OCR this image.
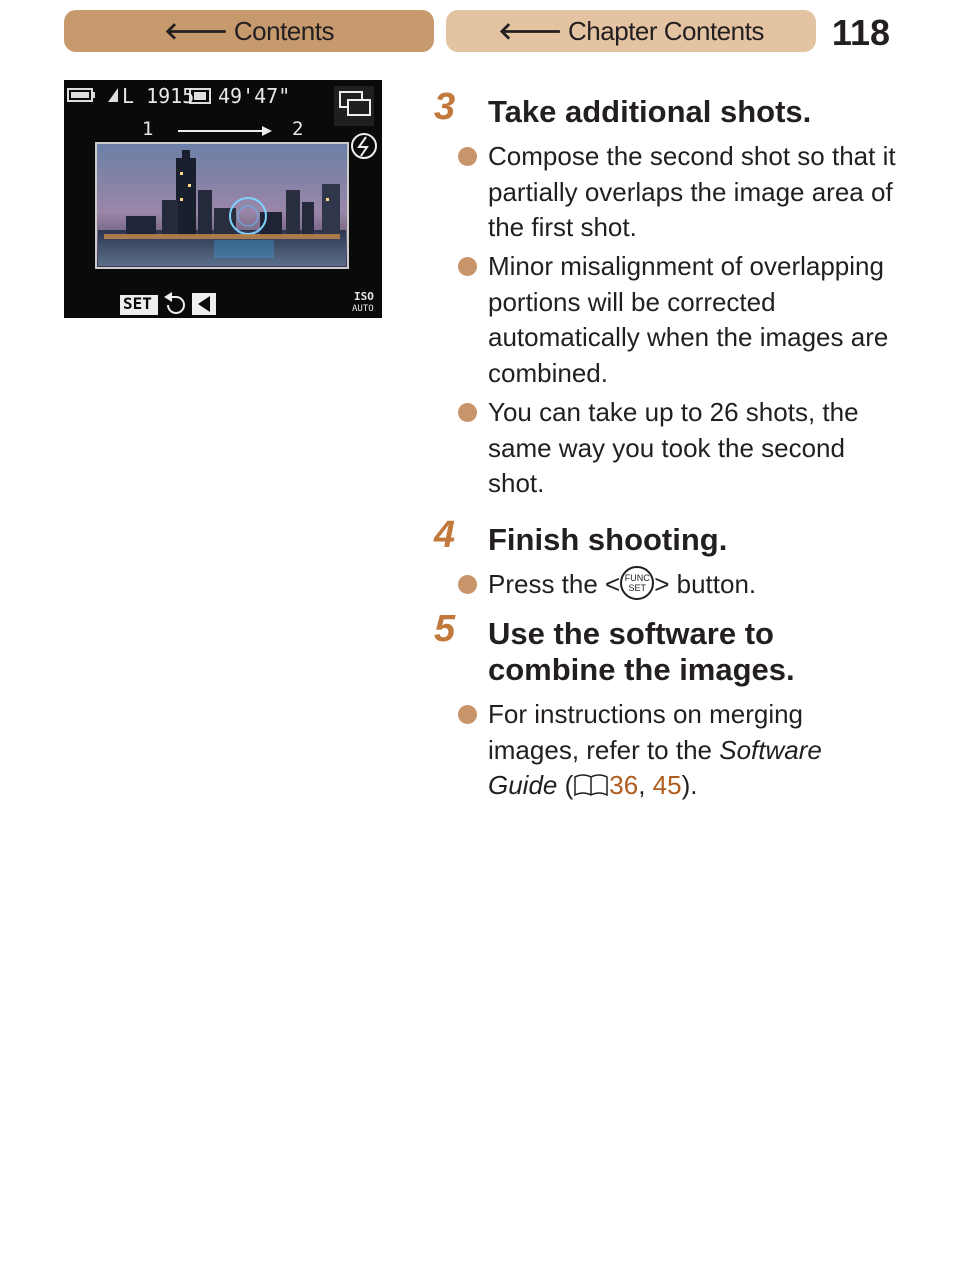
🡐 Contents	🡐 Chapter Contents 118
L 1915 49'47"
1	2
SET	ISO
AUTO
3	Take additional shots.
Compose the second shot so that it partially overlaps the image area of the first shot.
Minor misalignment of overlapping portions will be corrected automatically when the images are combined.
You can take up to 26 shots, the same way you took the second shot.
4	Finish shooting.
Press the < FUNC
SET > button.
5	Use the software to
combine the images.
For instructions on merging images, refer to the Software Guide ( 36, 45).
